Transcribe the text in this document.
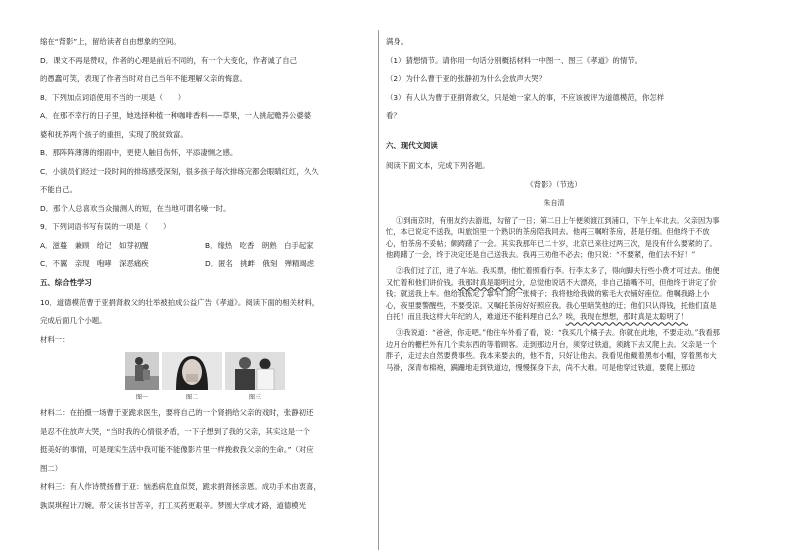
缩在“背影”上，留给读者自由想象的空间。

D．课文不再是赞叹，作者的心理是前后不同的，有一个大变化，作者诚了自己

的愚蠢可笑，表现了作者当时对自己当年不能理解父亲的悔意。

8．下列加点词语使用不当的一项是（　　）

A．在那不幸行的日子里，她选择种植一种咖啡香料——草果，一人挑起赡养公婆婆

婆和抚养两个孩子的重担，实现了脱贫致富。

B．那阵阵薄薄的细雨中，更使人触目伤怀，平添凄恻之感。

C．小演员们经过一段时间的排练感受深刻，很多孩子每次排练完都会眼睛红红，久久

不能自己。

D．那个人总喜欢当众揣测人的短，在当地可谓名噪一时。

9．下列词语书写有误的一项是（　　）

A．滋蔓　兼顾　给记　如芽初醒	B．缘热　吃香　朗熟　白手起家
C．不翼　亲现　咆哮　深恶痛疾	D．匿名　挑衅　俄刻　殚精竭虑

五、综合性学习

10．道德模范曹于亚捐肾救父的壮举被拍成公益广告《孝道》。阅读下面的相关材料，

完成后面几个小题。

材料一：

图一	图二	图三

材料二：在拍摄一场曹于亚跪求医生，要将自己的一个肾捐给父亲的戏时，张静初还

是忍不住放声大哭，“当时我的心情很矛盾，一下子想到了我的父亲，其实这是一个

挺美好的事情，可是现实生活中我可能不能像影片里一样挽救我父亲的生命。”（对应

图二）

材料三：有人作诗赞扬曹于亚：恼悉病危血似焚，跪求捐肾拯亲恩。成功手术由衷喜，

孰误琪程计刀婉。带父读书甘苦辛，打工买药更艰辛。梦圆大学成才路，道德模光

满身。

（1）猜想情节。请你用一句话分别概括材料一中图一、图三《孝道》的情节。

（2）为什么曹于亚的张静初为什么会放声大哭？

（3）有人认为曹于亚捐肾救父，只是她一家人的事，不应该被评为道德模范，你怎样

看？

六、现代文阅读

阅读下面文本，完成下列各题。

《背影》（节选）

朱自清

①到南京时，有朋友约去游逛，勾留了一日；第二日上午便须渡江到浦口，下午上车北去。父亲因为事忙，本已说定不送我，叫旅馆里一个熟识的茶房陪我同去。他再三嘱咐茶房，甚是仔细。但他终于不放心，怕茶房不妥帖；颇踌躇了一会。其实我那年已二十岁，北京已来往过两三次，是没有什么要紧的了。他踌躇了一会，终于决定还是自己送我去。我再三劝他不必去；他只说：“不要紧，他们去不好！”

②我们过了江，进了车站。我买票，他忙着照看行李。行李太多了，得向脚夫行些小费才可过去。他便又忙着和他们讲价钱。我那时真是聪明过分，总觉他说话不大漂亮，非自己插嘴不可，但他终于讲定了价钱；就送我上车。他给我拣定了靠车门的一张椅子；我将他给我做的紫毛大衣铺好座位。他嘱我路上小心，夜里要警醒些，不要受凉。又嘱托茶房好好照应我。我心里暗笑他的迂；他们只认得钱，托他们直是白托！而且我这样大年纪的人，难道还不能料理自己么？唉，我现在想想，那时真是太聪明了！

③我说道：“爸爸，你走吧。”他往车外看了看，说：“我买几个橘子去。你就在此地，不要走动。”我看那边月台的栅栏外有几个卖东西的等着顾客。走到那边月台，须穿过铁道，须跳下去又爬上去。父亲是一个胖子，走过去自然要费事些。我本来要去的，他不肯，只好让他去。我看见他戴着黑布小帽，穿着黑布大马褂，深青布棉袍，蹒跚地走到铁道边，慢慢探身下去，尚不大难。可是他穿过铁道，要爬上那边
